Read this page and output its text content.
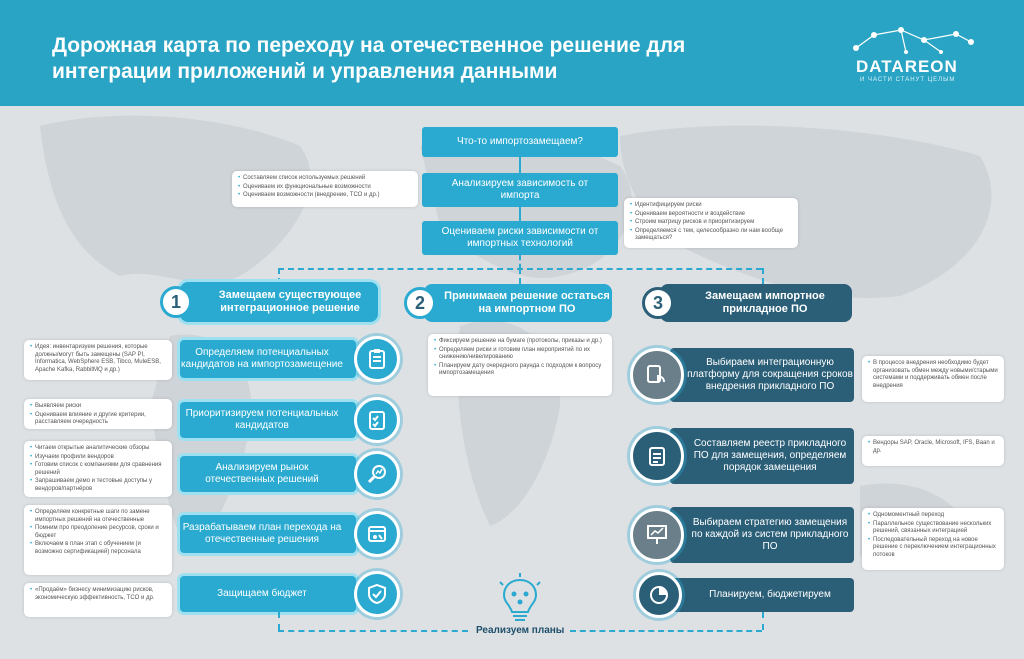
Дорожная карта по переходу на отечественное решение для интеграции приложений и управления данными	DATAREON
И ЧАСТИ СТАНУТ ЦЕЛЫМ
Что-то импортозамещаем?
Анализируем зависимость от импорта
Оцениваем риски зависимости от импортных технологий
• Составляем список используемых решений
• Оцениваем их функциональные возможности
• Оцениваем возможности (внедрение, ТСО и др.)
• Идентифицируем риски
• Оцениваем вероятности и воздействие
• Строим матрицу рисков и приоритизируем
• Определяемся с тем, целесообразно ли нам вообще замещаться?
Замещаем существующее интеграционное решение
1	Принимаем решение остаться на импортном ПО
2	Замещаем импортное прикладное ПО
3
Определяем потенциальных кандидатов на импортозамещение
Приоритизируем потенциальных кандидатов
Анализируем рынок отечественных решений
Разрабатываем план перехода на отечественные решения
Защищаем бюджет
• Идея: инвентаризуем решения, которые должны/могут быть замещены (SAP PI, Informatica, WebSphere ESB, Tibco, MuleESB, Apache Kafka, RabbitMQ и др.)
• Выявляем риски
• Оцениваем влияние и другие критерии, расставляем очередность
• Читаем открытые аналитические обзоры
• Изучаем профили вендоров
• Готовим список с компаниями для сравнения решений
• Запрашиваем демо и тестовые доступы у вендоров/партнёров
• Определяем конкретные шаги по замене импортных решений на отечественные
• Помним про преодоление ресурсов, сроки и бюджет
• Включаем в план этап с обучением (и возможно сертификацией) персонала
• «Продаём» бизнесу минимизацию рисков, экономическую эффективность, TCO и др.
• Фиксируем решение на бумаге (протоколы, приказы и др.)
• Определяем риски и готовим план мероприятий по их снижению/нивелированию
• Планируем дату очередного раунда с подходом к вопросу импортозамещения
Выбираем интеграционную платформу для сокращения сроков внедрения прикладного ПО
Составляем реестр прикладного ПО для замещения, определяем порядок замещения
Выбираем стратегию замещения по каждой из систем прикладного ПО
Планируем, бюджетируем
• В процессе внедрения необходимо будет организовать обмен между новыми/старыми системами и поддерживать обмен после внедрения
• Вендоры SAP, Oracle, Microsoft, IFS, Baan и др.
• Одномоментный переход
• Параллельное существование нескольких решений, связанных интеграцией
• Последовательный переход на новое решение с переключением интеграционных потоков
Реализуем планы
